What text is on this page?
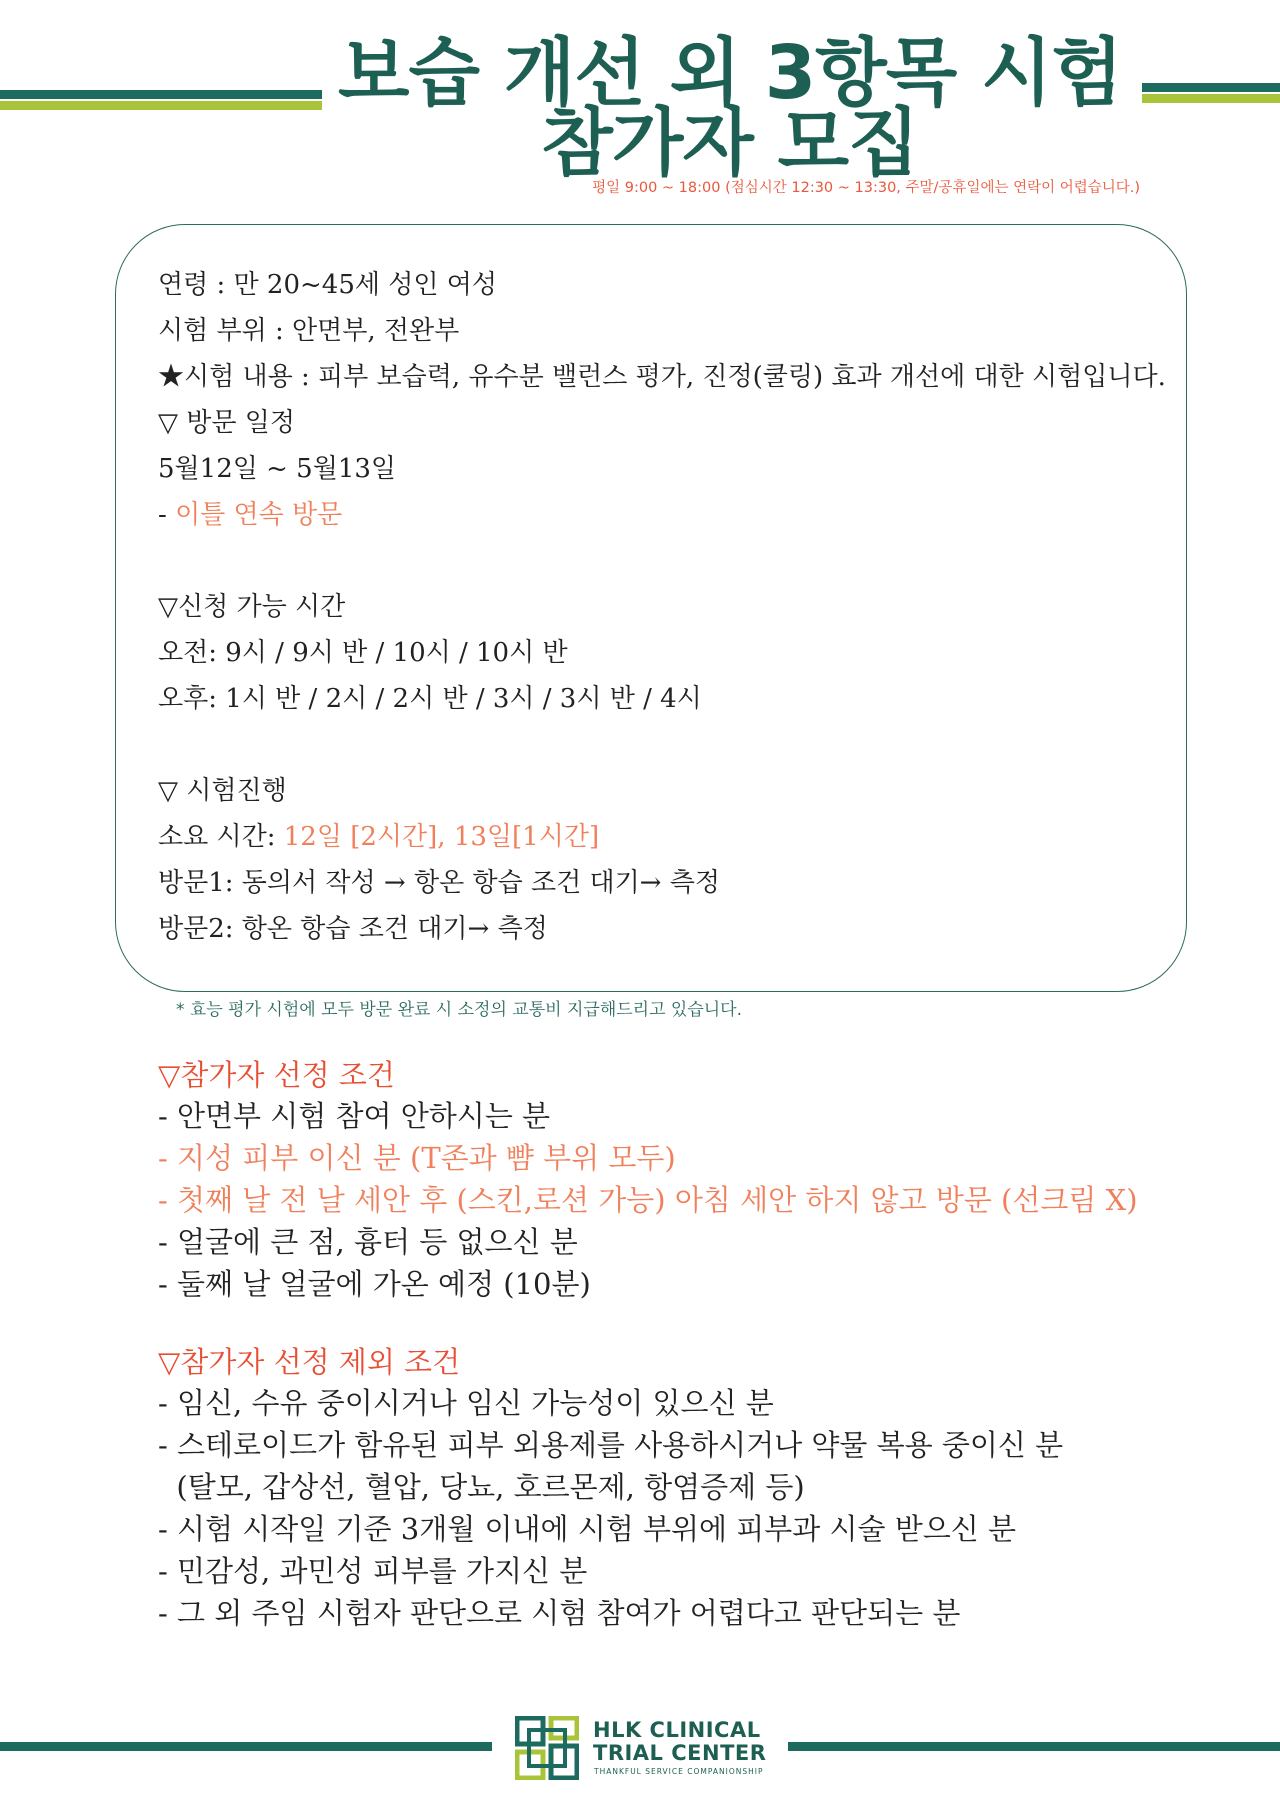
보습 개선 외 3항목 시험
참가자 모집
평일 9:00 ~ 18:00 (점심시간 12:30 ~ 13:30, 주말/공휴일에는 연락이 어렵습니다.)
연령 : 만 20~45세 성인 여성
시험 부위 : 안면부, 전완부
★시험 내용 : 피부 보습력, 유수분 밸런스 평가, 진정(쿨링) 효과 개선에 대한 시험입니다.
▽ 방문 일정
5월12일 ~ 5월13일
- 이틀 연속 방문
▽신청 가능 시간
오전: 9시 / 9시 반 / 10시 / 10시 반
오후: 1시 반 / 2시 / 2시 반 / 3시 / 3시 반 / 4시
▽ 시험진행
소요 시간: 12일 [2시간], 13일[1시간]
방문1: 동의서 작성 → 항온 항습 조건 대기→ 측정
방문2: 항온 항습 조건 대기→ 측정
* 효능 평가 시험에 모두 방문 완료 시 소정의 교통비 지급해드리고 있습니다.
▽참가자 선정 조건
- 안면부 시험 참여 안하시는 분
- 지성 피부 이신 분 (T존과 뺨 부위 모두)
- 첫째 날 전 날 세안 후 (스킨,로션 가능) 아침 세안 하지 않고 방문 (선크림 X)
- 얼굴에 큰 점, 흉터 등 없으신 분
- 둘째 날 얼굴에 가온 예정 (10분)
▽참가자 선정 제외 조건
- 임신, 수유 중이시거나 임신 가능성이 있으신 분
- 스테로이드가 함유된 피부 외용제를 사용하시거나 약물 복용 중이신 분
(탈모, 갑상선, 혈압, 당뇨, 호르몬제, 항염증제 등)
- 시험 시작일 기준 3개월 이내에 시험 부위에 피부과 시술 받으신 분
- 민감성, 과민성 피부를 가지신 분
- 그 외 주임 시험자 판단으로 시험 참여가 어렵다고 판단되는 분
HLK CLINICAL
TRIAL CENTER
THANKFUL SERVICE COMPANIONSHIP
